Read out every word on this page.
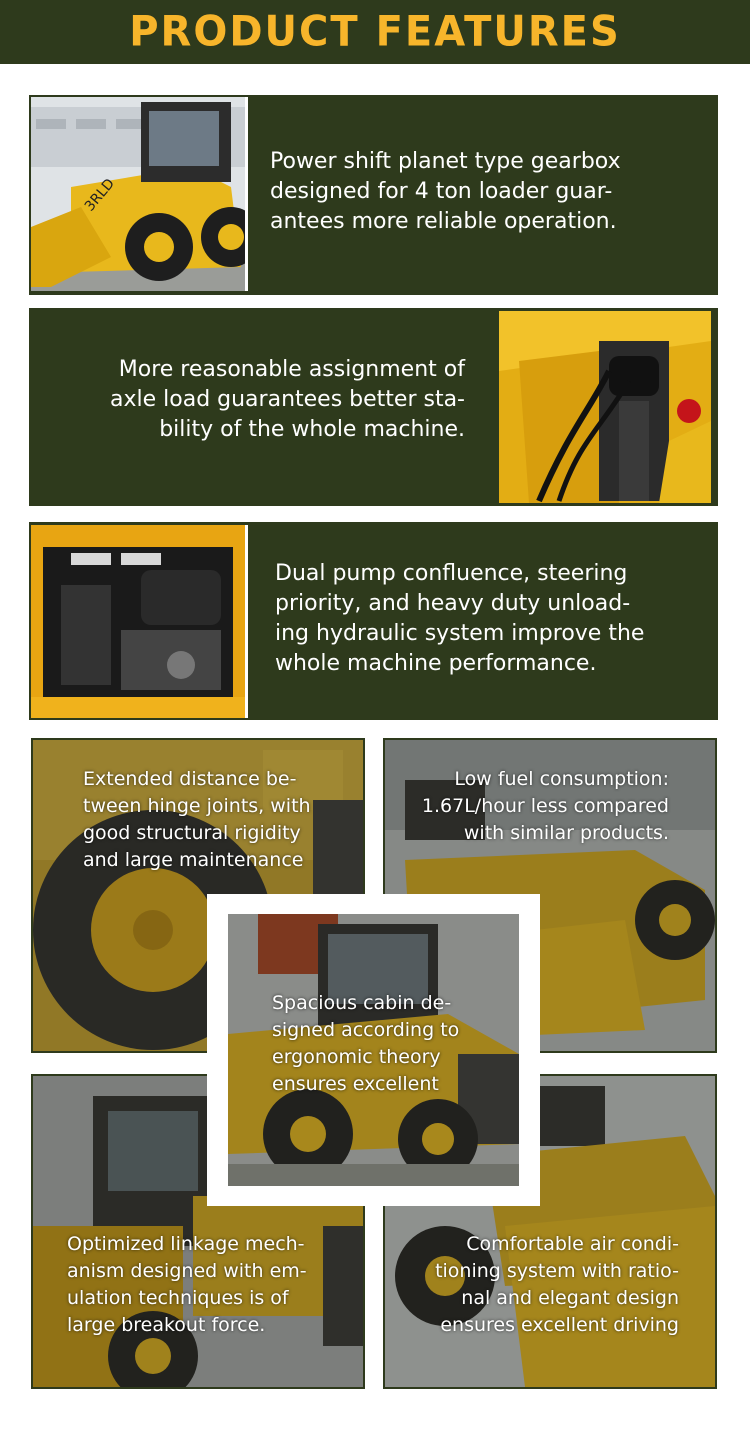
PRODUCT FEATURES
3RLD
Power shift planet type gearbox
designed for 4 ton loader guar-
antees more reliable operation.
More reasonable assignment of
axle load guarantees better sta-
bility of the whole machine.
Dual pump confluence, steering
priority, and heavy duty unload-
ing hydraulic system improve the
whole machine performance.
Extended distance be-
tween hinge joints, with
good structural rigidity
and large maintenance
Low fuel consumption:
1.67L/hour less compared
with similar products.
Optimized linkage mech-
anism designed with em-
ulation techniques is of
large breakout force.
Comfortable air condi-
tioning system with ratio-
nal and elegant design
ensures excellent driving
Spacious cabin de-
signed according to
ergonomic theory
ensures excellent
